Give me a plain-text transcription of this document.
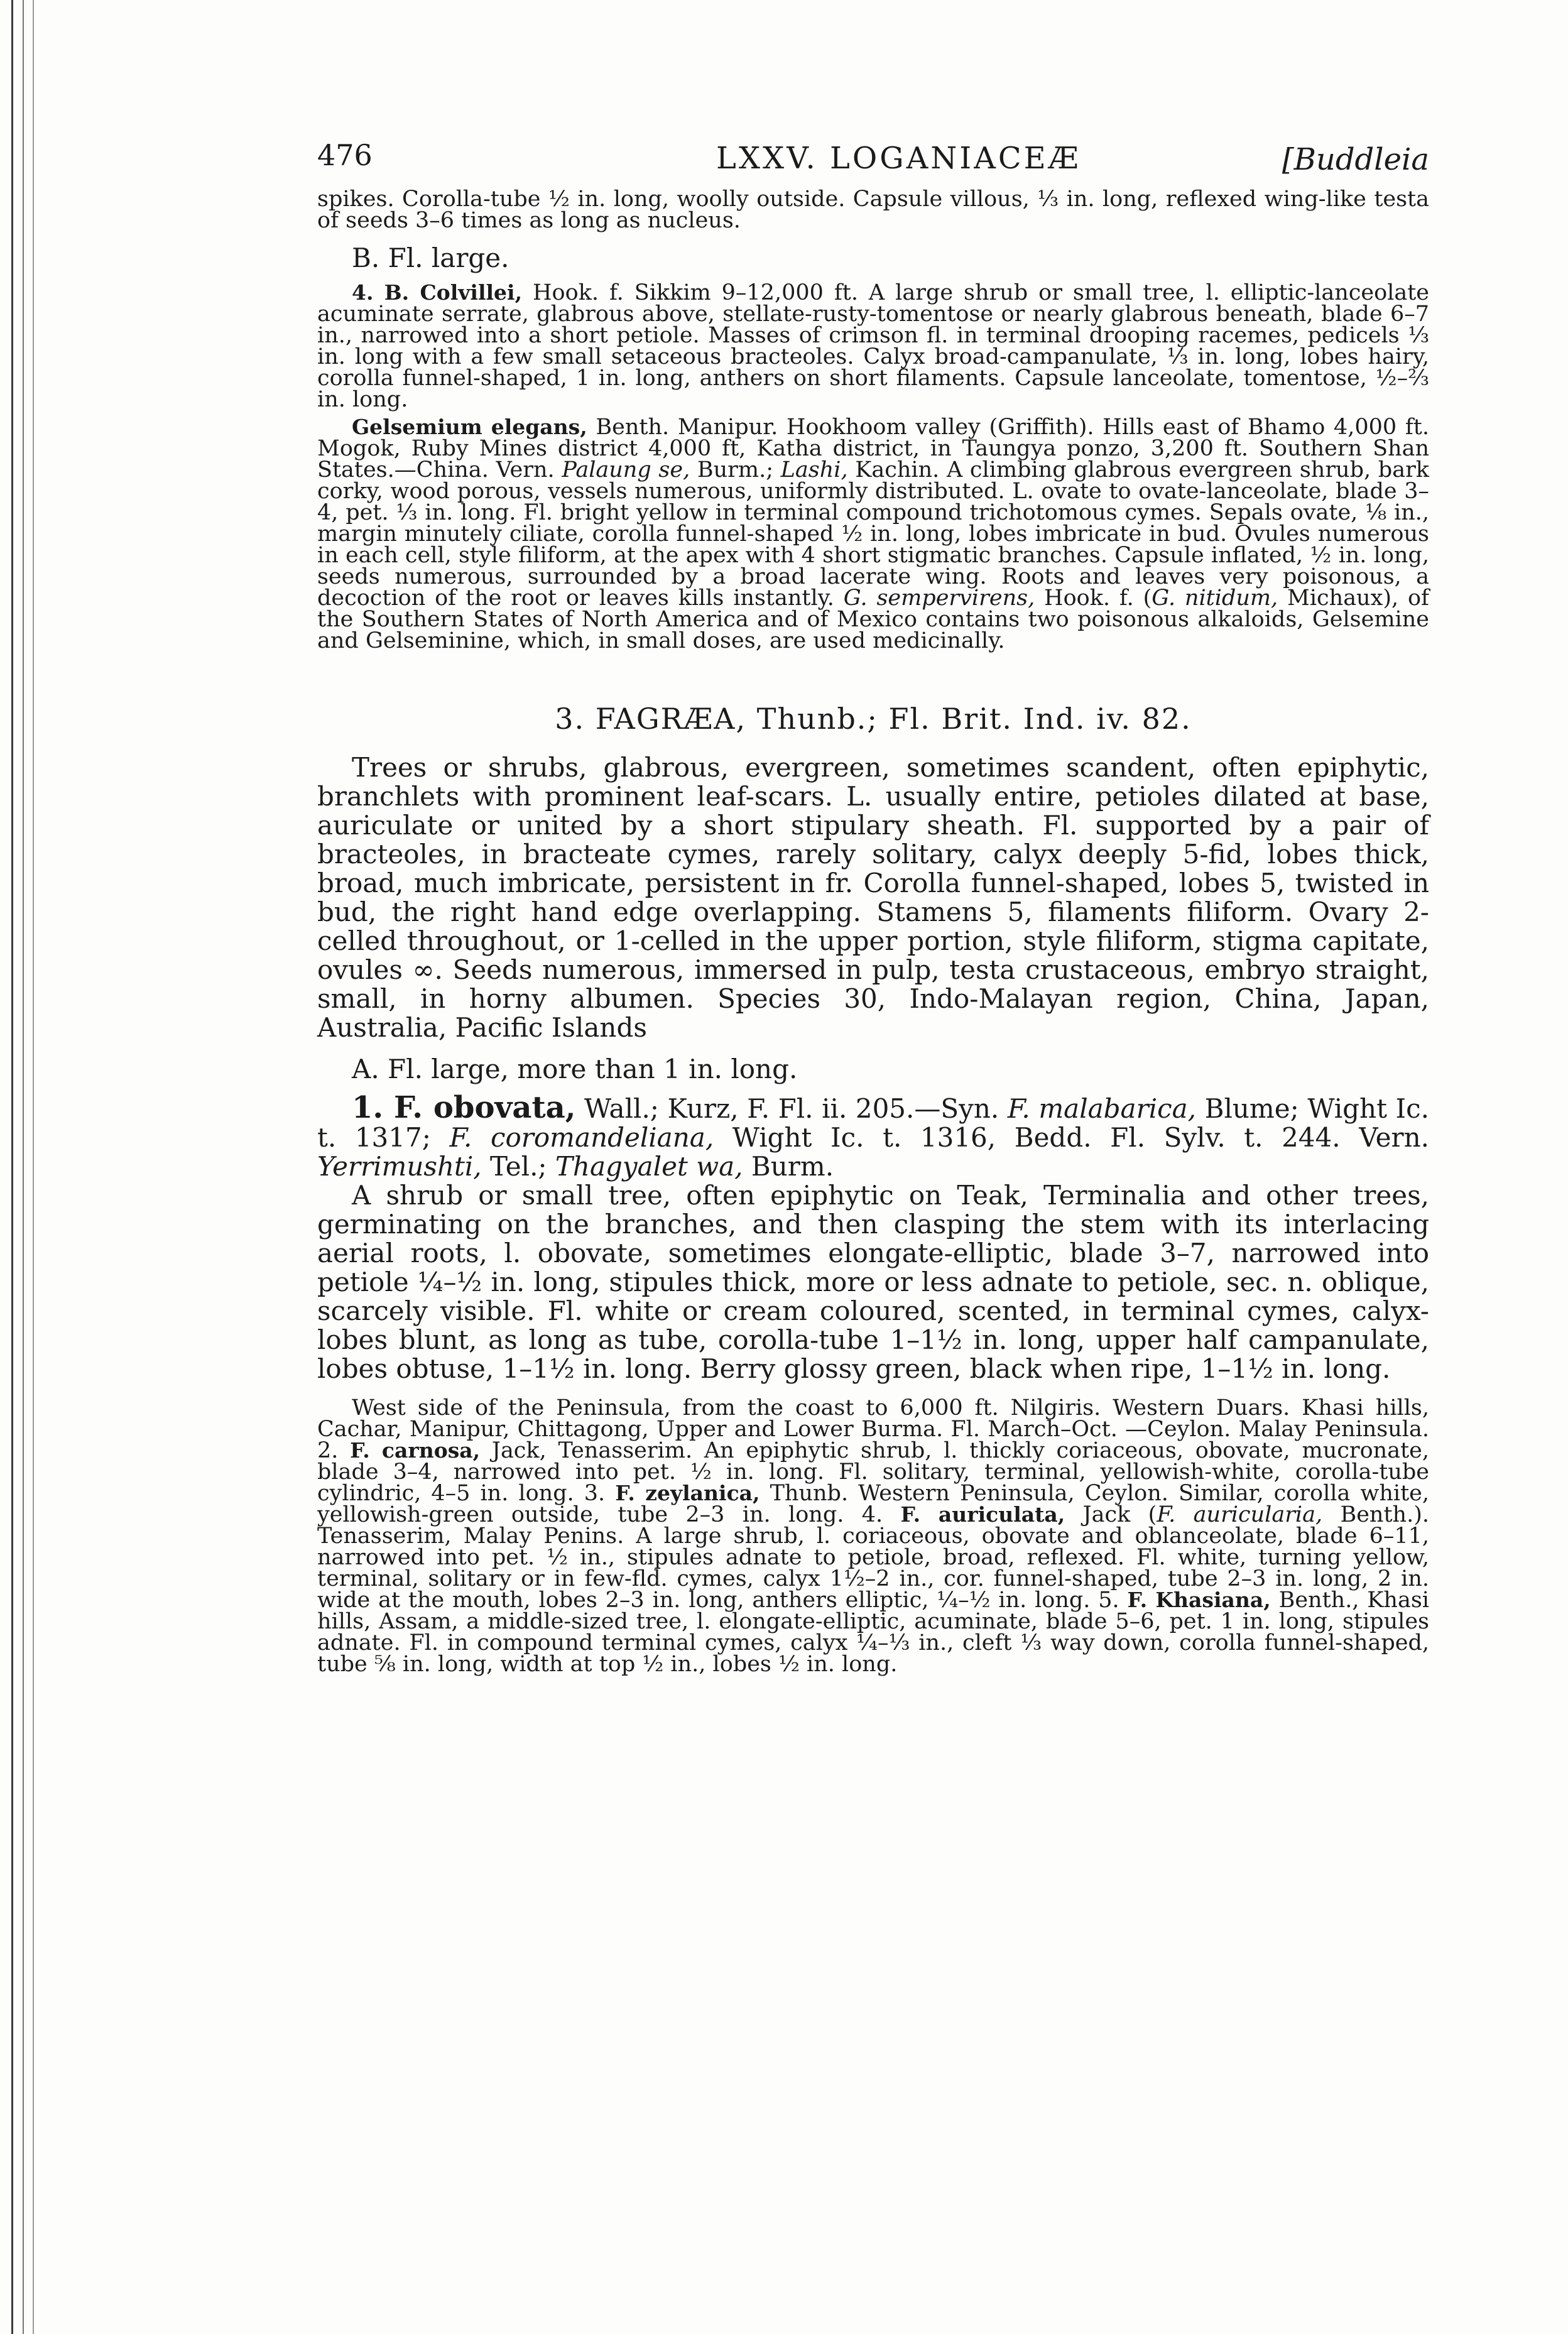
476	LXXV. LOGANIACEÆ	[Buddleia

spikes. Corolla-tube ½ in. long, woolly outside. Capsule villous, ⅓ in. long, reflexed wing-like testa of seeds 3–6 times as long as nucleus.

B. Fl. large.

4. B. Colvillei, Hook. f. Sikkim 9–12,000 ft. A large shrub or small tree, l. elliptic-lanceolate acuminate serrate, glabrous above, stellate-rusty-tomentose or nearly glabrous beneath, blade 6–7 in., narrowed into a short petiole. Masses of crimson fl. in terminal drooping racemes, pedicels ⅓ in. long with a few small setaceous bracteoles. Calyx broad-campanulate, ⅓ in. long, lobes hairy, corolla funnel-shaped, 1 in. long, anthers on short filaments. Capsule lanceolate, tomentose, ½–⅔ in. long.

Gelsemium elegans, Benth. Manipur. Hookhoom valley (Griffith). Hills east of Bhamo 4,000 ft. Mogok, Ruby Mines district 4,000 ft, Katha district, in Taungya ponzo, 3,200 ft. Southern Shan States.—China. Vern. Palaung se, Burm.; Lashi, Kachin. A climbing glabrous evergreen shrub, bark corky, wood porous, vessels numerous, uniformly distributed. L. ovate to ovate-lanceolate, blade 3–4, pet. ⅓ in. long. Fl. bright yellow in terminal compound trichotomous cymes. Sepals ovate, ⅛ in., margin minutely ciliate, corolla funnel-shaped ½ in. long, lobes imbricate in bud. Ovules numerous in each cell, style filiform, at the apex with 4 short stigmatic branches. Capsule inflated, ½ in. long, seeds numerous, surrounded by a broad lacerate wing. Roots and leaves very poisonous, a decoction of the root or leaves kills instantly. G. sempervirens, Hook. f. (G. nitidum, Michaux), of the Southern States of North America and of Mexico contains two poisonous alkaloids, Gelsemine and Gelseminine, which, in small doses, are used medicinally.

3. FAGRÆA, Thunb.; Fl. Brit. Ind. iv. 82.

Trees or shrubs, glabrous, evergreen, sometimes scandent, often epiphytic, branchlets with prominent leaf-scars. L. usually entire, petioles dilated at base, auriculate or united by a short stipulary sheath. Fl. supported by a pair of bracteoles, in bracteate cymes, rarely solitary, calyx deeply 5-fid, lobes thick, broad, much imbricate, persistent in fr. Corolla funnel-shaped, lobes 5, twisted in bud, the right hand edge overlapping. Stamens 5, filaments filiform. Ovary 2-celled throughout, or 1-celled in the upper portion, style filiform, stigma capitate, ovules ∞. Seeds numerous, immersed in pulp, testa crustaceous, embryo straight, small, in horny albumen. Species 30, Indo-Malayan region, China, Japan, Australia, Pacific Islands

A. Fl. large, more than 1 in. long.

1. F. obovata, Wall.; Kurz, F. Fl. ii. 205.—Syn. F. malabarica, Blume; Wight Ic. t. 1317; F. coromandeliana, Wight Ic. t. 1316, Bedd. Fl. Sylv. t. 244. Vern. Yerrimushti, Tel.; Thagyalet wa, Burm.

A shrub or small tree, often epiphytic on Teak, Terminalia and other trees, germinating on the branches, and then clasping the stem with its interlacing aerial roots, l. obovate, sometimes elongate-elliptic, blade 3–7, narrowed into petiole ¼–½ in. long, stipules thick, more or less adnate to petiole, sec. n. oblique, scarcely visible. Fl. white or cream coloured, scented, in terminal cymes, calyx-lobes blunt, as long as tube, corolla-tube 1–1½ in. long, upper half campanulate, lobes obtuse, 1–1½ in. long. Berry glossy green, black when ripe, 1–1½ in. long.

West side of the Peninsula, from the coast to 6,000 ft. Nilgiris. Western Duars. Khasi hills, Cachar, Manipur, Chittagong, Upper and Lower Burma. Fl. March–Oct. —Ceylon. Malay Peninsula. 2. F. carnosa, Jack, Tenasserim. An epiphytic shrub, l. thickly coriaceous, obovate, mucronate, blade 3–4, narrowed into pet. ½ in. long. Fl. solitary, terminal, yellowish-white, corolla-tube cylindric, 4–5 in. long. 3. F. zeylanica, Thunb. Western Peninsula, Ceylon. Similar, corolla white, yellowish-green outside, tube 2–3 in. long. 4. F. auriculata, Jack (F. auricularia, Benth.). Tenasserim, Malay Penins. A large shrub, l. coriaceous, obovate and oblanceolate, blade 6–11, narrowed into pet. ½ in., stipules adnate to petiole, broad, reflexed. Fl. white, turning yellow, terminal, solitary or in few-fld. cymes, calyx 1½–2 in., cor. funnel-shaped, tube 2–3 in. long, 2 in. wide at the mouth, lobes 2–3 in. long, anthers elliptic, ¼–½ in. long. 5. F. Khasiana, Benth., Khasi hills, Assam, a middle-sized tree, l. elongate-elliptic, acuminate, blade 5–6, pet. 1 in. long, stipules adnate. Fl. in compound terminal cymes, calyx ¼–⅓ in., cleft ⅓ way down, corolla funnel-shaped, tube ⅝ in. long, width at top ½ in., lobes ½ in. long.
